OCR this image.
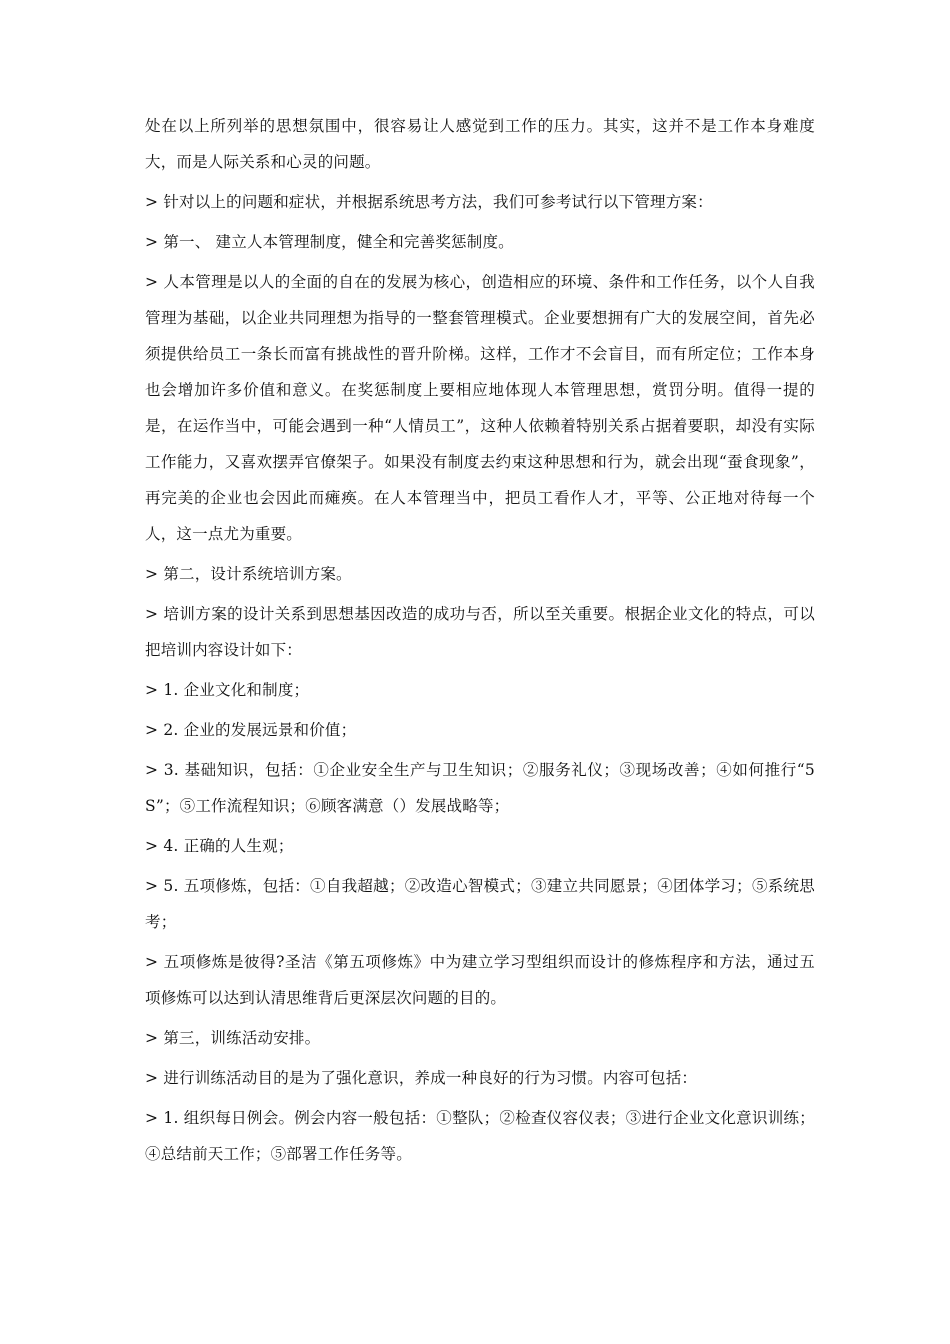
处在以上所列举的思想氛围中，很容易让人感觉到工作的压力。其实，这并不是工作本身难度大，而是人际关系和心灵的问题。

> 针对以上的问题和症状，并根据系统思考方法，我们可参考试行以下管理方案：

> 第一、 建立人本管理制度，健全和完善奖惩制度。

> 人本管理是以人的全面的自在的发展为核心，创造相应的环境、条件和工作任务，以个人自我管理为基础，以企业共同理想为指导的一整套管理模式。企业要想拥有广大的发展空间，首先必须提供给员工一条长而富有挑战性的晋升阶梯。这样，工作才不会盲目，而有所定位；工作本身也会增加许多价值和意义。在奖惩制度上要相应地体现人本管理思想，赏罚分明。值得一提的是，在运作当中，可能会遇到一种“人情员工”，这种人依赖着特别关系占据着要职，却没有实际工作能力，又喜欢摆弄官僚架子。如果没有制度去约束这种思想和行为，就会出现“蚕食现象”，再完美的企业也会因此而瘫痪。在人本管理当中，把员工看作人才，平等、公正地对待每一个人，这一点尤为重要。

> 第二，设计系统培训方案。

> 培训方案的设计关系到思想基因改造的成功与否，所以至关重要。根据企业文化的特点，可以把培训内容设计如下：

> 1. 企业文化和制度；

> 2. 企业的发展远景和价值；

> 3. 基础知识，包括：①企业安全生产与卫生知识；②服务礼仪；③现场改善；④如何推行“5S”；⑤工作流程知识；⑥顾客满意（）发展战略等；

> 4. 正确的人生观；

> 5. 五项修炼，包括：①自我超越；②改造心智模式；③建立共同愿景；④团体学习；⑤系统思考；

> 五项修炼是彼得?圣洁《第五项修炼》中为建立学习型组织而设计的修炼程序和方法，通过五项修炼可以达到认清思维背后更深层次问题的目的。

> 第三，训练活动安排。

> 进行训练活动目的是为了强化意识，养成一种良好的行为习惯。内容可包括：

> 1. 组织每日例会。例会内容一般包括：①整队；②检查仪容仪表；③进行企业文化意识训练；④总结前天工作；⑤部署工作任务等。
